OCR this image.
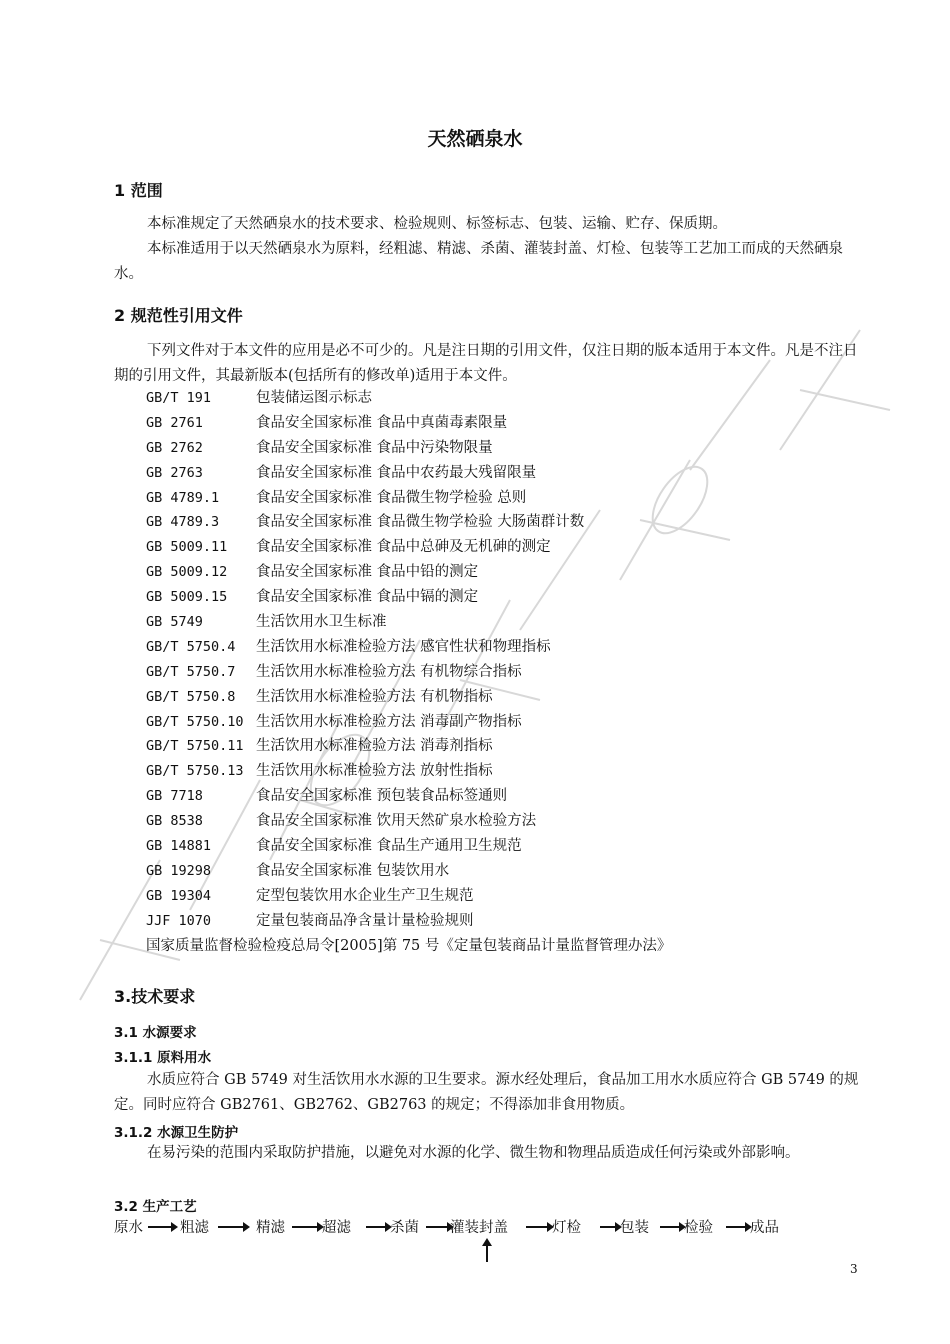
天然硒泉水
1 范围

本标准规定了天然硒泉水的技术要求、检验规则、标签标志、包装、运输、贮存、保质期。

本标准适用于以天然硒泉水为原料，经粗滤、精滤、杀菌、灌装封盖、灯检、包装等工艺加工而成的天然硒泉水。

2 规范性引用文件

下列文件对于本文件的应用是必不可少的。凡是注日期的引用文件，仅注日期的版本适用于本文件。凡是不注日期的引用文件，其最新版本(包括所有的修改单)适用于本文件。

GB/T 191	包装储运图示标志
GB 2761	食品安全国家标准 食品中真菌毒素限量
GB 2762	食品安全国家标准 食品中污染物限量
GB 2763	食品安全国家标准 食品中农药最大残留限量
GB 4789.1	食品安全国家标准 食品微生物学检验 总则
GB 4789.3	食品安全国家标准 食品微生物学检验 大肠菌群计数
GB 5009.11	食品安全国家标准 食品中总砷及无机砷的测定
GB 5009.12	食品安全国家标准 食品中铅的测定
GB 5009.15	食品安全国家标准 食品中镉的测定
GB 5749	生活饮用水卫生标准
GB/T 5750.4	生活饮用水标准检验方法 感官性状和物理指标
GB/T 5750.7	生活饮用水标准检验方法 有机物综合指标
GB/T 5750.8	生活饮用水标准检验方法 有机物指标
GB/T 5750.10 生活饮用水标准检验方法 消毒副产物指标
GB/T 5750.11 生活饮用水标准检验方法 消毒剂指标
GB/T 5750.13 生活饮用水标准检验方法 放射性指标
GB 7718	食品安全国家标准 预包装食品标签通则
GB 8538	食品安全国家标准 饮用天然矿泉水检验方法
GB 14881	食品安全国家标准 食品生产通用卫生规范
GB 19298	食品安全国家标准 包装饮用水
GB 19304	定型包装饮用水企业生产卫生规范
JJF 1070	定量包装商品净含量计量检验规则
国家质量监督检验检疫总局令[2005]第 75 号《定量包装商品计量监督管理办法》
3.技术要求
3.1 水源要求
3.1.1 原料用水

水质应符合 GB 5749 对生活饮用水水源的卫生要求。源水经处理后，食品加工用水水质应符合 GB 5749 的规定。同时应符合 GB2761、GB2762、GB2763 的规定；不得添加非食用物质。

3.1.2 水源卫生防护

在易污染的范围内采取防护措施，以避免对水源的化学、微生物和物理品质造成任何污染或外部影响。

3.2 生产工艺
原水	粗滤	精滤	超滤	杀菌 灌装封盖	灯检	包装 检验	成品
3
